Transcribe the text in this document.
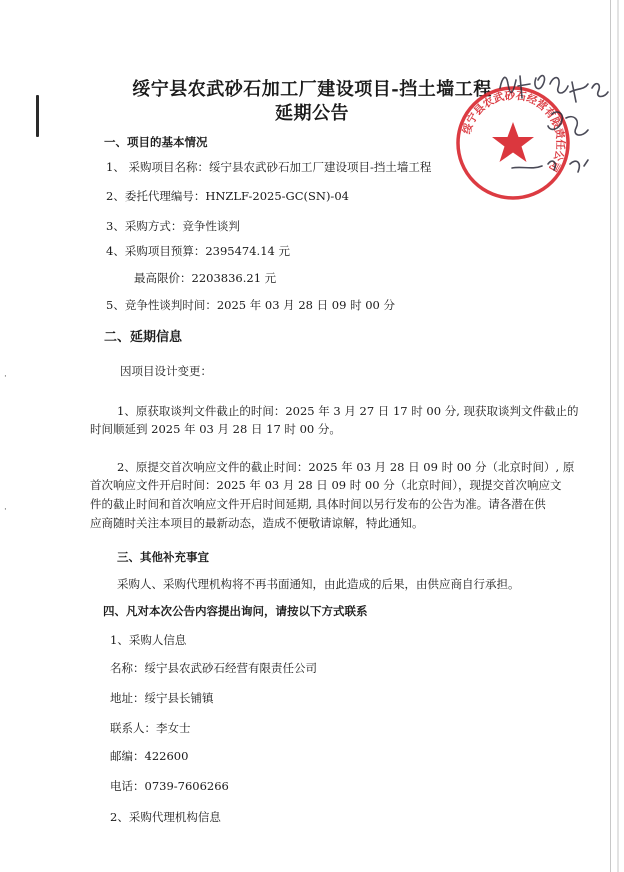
·
·
绥宁县农武砂石加工厂建设项目-挡土墙工程
延期公告
一、项目的基本情况
1、 采购项目名称：绥宁县农武砂石加工厂建设项目-挡土墙工程
2、委托代理编号：HNZLF-2025-GC(SN)-04
3、采购方式：竞争性谈判
4、采购项目预算：2395474.14 元
最高限价：2203836.21 元
5、竞争性谈判时间：2025 年 03 月 28 日 09 时 00 分
二、延期信息
因项目设计变更：
1、原获取谈判文件截止的时间：2025 年 3 月 27 日 17 时 00 分, 现获取谈判文件截止的
时间顺延到 2025 年 03 月 28 日 17 时 00 分。
2、原提交首次响应文件的截止时间：2025 年 03 月 28 日 09 时 00 分（北京时间）, 原
首次响应文件开启时间：2025 年 03 月 28 日 09 时 00 分（北京时间），现提交首次响应文
件的截止时间和首次响应文件开启时间延期, 具体时间以另行发布的公告为准。请各潜在供
应商随时关注本项目的最新动态，造成不便敬请谅解，特此通知。
三、其他补充事宜
采购人、采购代理机构将不再书面通知，由此造成的后果，由供应商自行承担。
四、凡对本次公告内容提出询问，请按以下方式联系
1、采购人信息
名称：绥宁县农武砂石经营有限责任公司
地址：绥宁县长铺镇
联系人：李女士
邮编：422600
电话：0739-7606266
2、采购代理机构信息
绥宁县农武砂石经营有限责任公司
